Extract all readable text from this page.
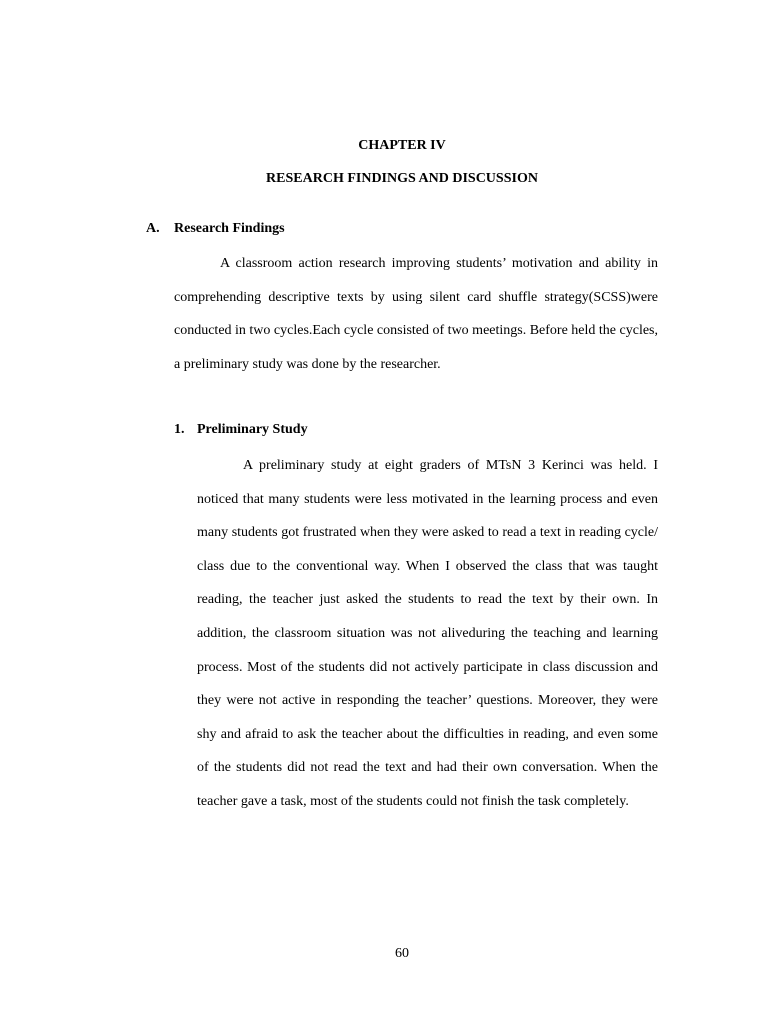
CHAPTER IV

RESEARCH FINDINGS AND DISCUSSION

A. Research Findings

A classroom action research improving students’ motivation and ability in comprehending descriptive texts by using silent card shuffle strategy(SCSS)were conducted in two cycles.Each cycle consisted of two meetings. Before held the cycles, a preliminary study was done by the researcher.

1. Preliminary Study

A preliminary study at eight graders of MTsN 3 Kerinci was held. I noticed that many students were less motivated in the learning process and even many students got frustrated when they were asked to read a text in reading cycle/ class due to the conventional way. When I observed the class that was taught reading, the teacher just asked the students to read the text by their own. In addition, the classroom situation was not aliveduring the teaching and learning process. Most of the students did not actively participate in class discussion and they were not active in responding the teacher’ questions. Moreover, they were shy and afraid to ask the teacher about the difficulties in reading, and even some of the students did not read the text and had their own conversation. When the teacher gave a task, most of the students could not finish the task completely.

60
